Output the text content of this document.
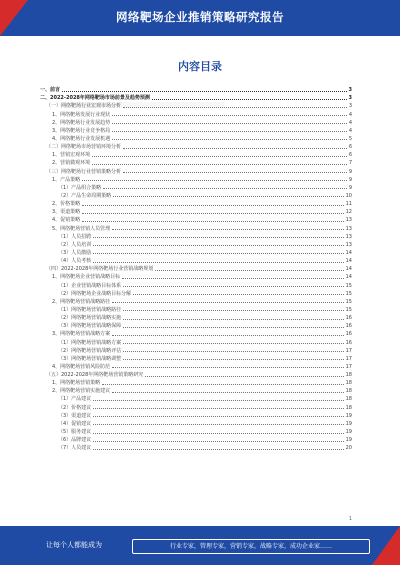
网络靶场企业推销策略研究报告
内容目录
一、前言	3
二、2022-2028年网络靶场市场前景及趋势预测	3
（一）网络靶场行业宏观市场分析	3
1、网络靶场发展行业现状	4
2、网络靶场行业发展趋势	4
3、网络靶场行业竞争格局	4
4、网络靶场行业发展机遇	5
（二）网络靶场市场营销环境分析	6
1、营销宏观环境	6
2、营销微观环境	7
（三）网络靶场行业营销策略分析	9
1、产品策略	9
（1）产品组合策略	9
（2）产品生命周期策略	10
2、价格策略	11
3、渠道策略	12
4、促销策略	13
5、网络靶场营销人员管理	13
（1）人员招聘	13
（2）人员培训	13
（3）人员激励	14
（4）人员考核	14
（四）2022-2028年网络靶场行业营销战略规划	14
1、网络靶场企业营销战略目标	14
（1）企业营销战略目标体系	15
（2）网络靶场企业战略目标分解	15
2、网络靶场营销战略路径	15
（1）网络靶场营销战略路径	15
（2）网络靶场营销战略实施	16
（3）网络靶场营销战略保障	16
3、网络靶场营销战略方案	16
（1）网络靶场营销战略方案	16
（2）网络靶场营销战略评估	17
（3）网络靶场营销战略调整	17
4、网络靶场营销风险防范	17
（五）2022-2028年网络靶场营销策略研究	18
1、网络靶场营销策略	18
2、网络靶场营销实施建议	18
（1）产品建议	18
（2）价格建议	18
（3）渠道建议	19
（4）促销建议	19
（5）服务建议	19
（6）品牌建议	19
（7）人员建议	20
1
让每个人都能成为	行业专家，管理专家，营销专家，战略专家，成功企业家……
